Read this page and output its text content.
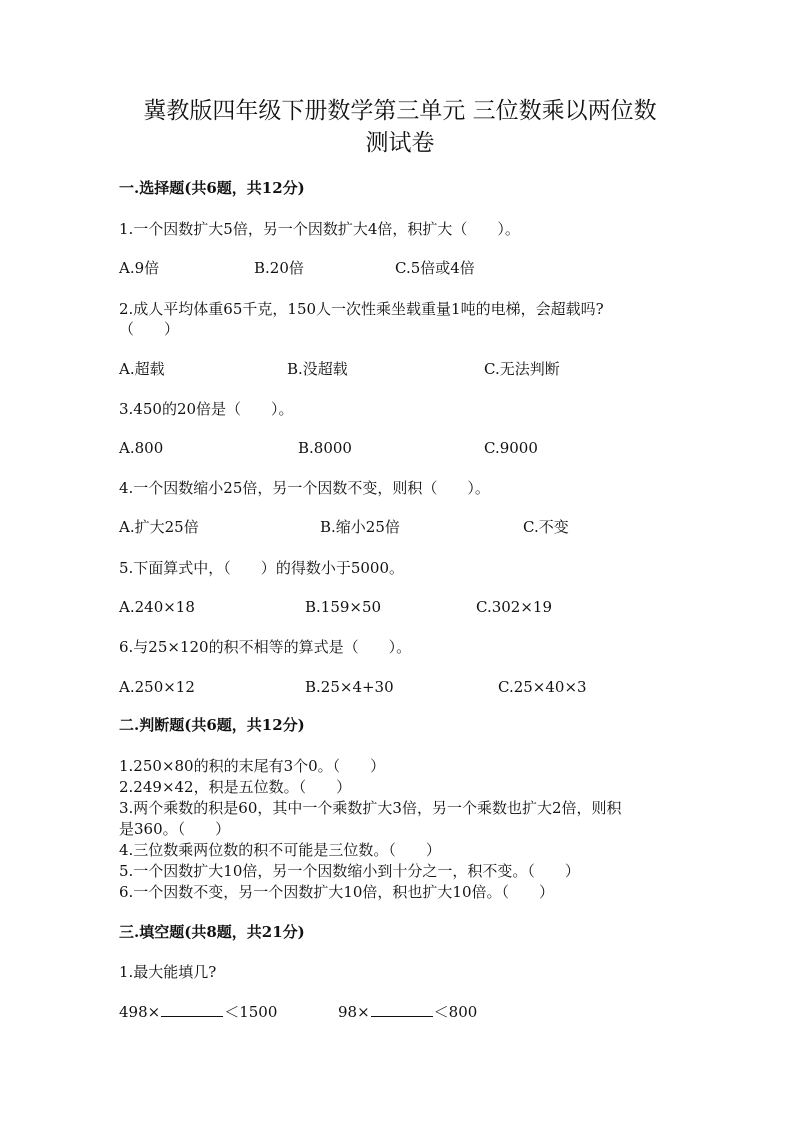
冀教版四年级下册数学第三单元 三位数乘以两位数
测试卷
一.选择题(共6题，共12分)
1.一个因数扩大5倍，另一个因数扩大4倍，积扩大（　　）。
A.9倍	B.20倍	C.5倍或4倍
2.成人平均体重65千克，150人一次性乘坐载重量1吨的电梯，会超载吗?
（　　）
A.超载	B.没超载	C.无法判断
3.450的20倍是（　　）。
A.800	B.8000	C.9000
4.一个因数缩小25倍，另一个因数不变，则积（　　）。
A.扩大25倍	B.缩小25倍	C.不变
5.下面算式中，（　　）的得数小于5000。
A.240×18	B.159×50	C.302×19
6.与25×120的积不相等的算式是（　　）。
A.250×12	B.25×4+30	C.25×40×3
二.判断题(共6题，共12分)
1.250×80的积的末尾有3个0。（　　）
2.249×42，积是五位数。（　　）
3.两个乘数的积是60，其中一个乘数扩大3倍，另一个乘数也扩大2倍，则积
是360。（　　）
4.三位数乘两位数的积不可能是三位数。（　　）
5.一个因数扩大10倍，另一个因数缩小到十分之一，积不变。（　　）
6.一个因数不变，另一个因数扩大10倍，积也扩大10倍。（　　）
三.填空题(共8题，共21分)
1.最大能填几?
498×	＜1500	98×	＜800
